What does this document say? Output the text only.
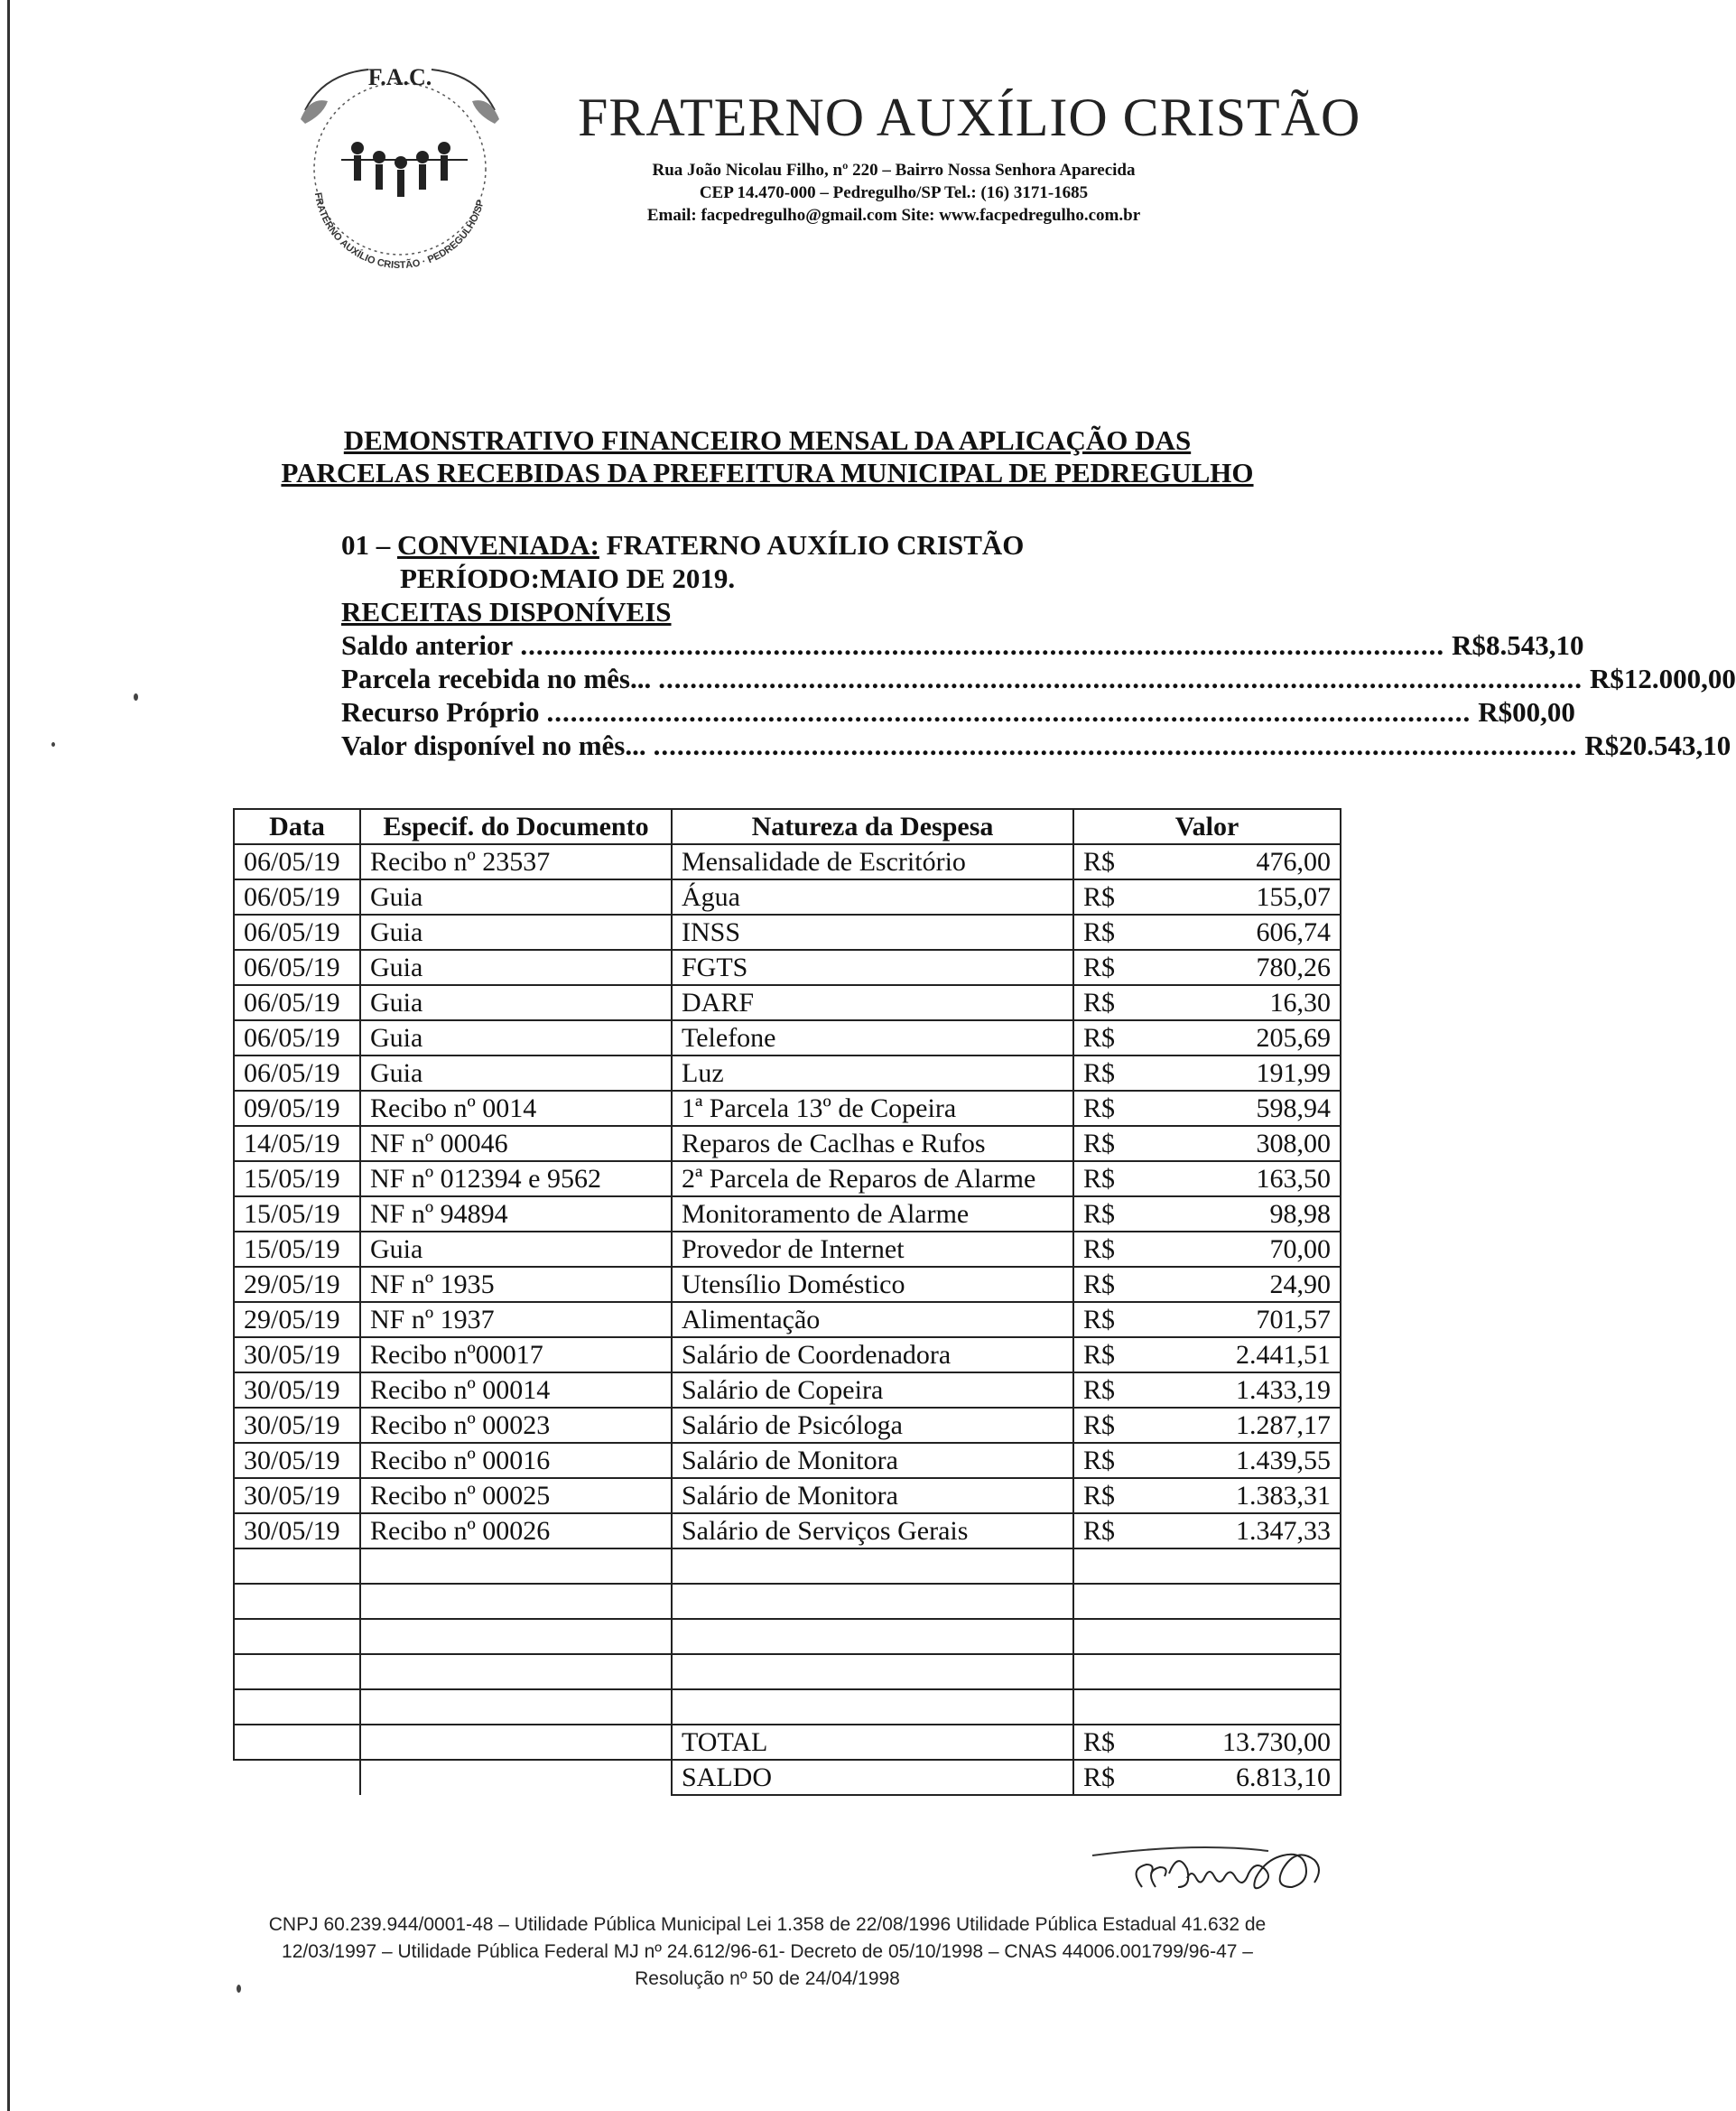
F.A.C.
FRATERNO AUXÍLIO CRISTÃO · PEDREGULHO/SP
FRATERNO AUXÍLIO CRISTÃO
Rua João Nicolau Filho, nº 220 – Bairro Nossa Senhora Aparecida
CEP 14.470-000 – Pedregulho/SP Tel.: (16) 3171-1685
Email: facpedregulho@gmail.com Site: www.facpedregulho.com.br
DEMONSTRATIVO FINANCEIRO MENSAL DA APLICAÇÃO DAS
PARCELAS RECEBIDAS DA PREFEITURA MUNICIPAL DE PEDREGULHO
01 – CONVENIADA: FRATERNO AUXÍLIO CRISTÃO
PERÍODO:MAIO DE 2019.
RECEITAS DISPONÍVEIS
Saldo anterior ..................................................................................................................... R$ 8.543,10
Parcela recebida no mês... ..................................................................................................................... R$ 12.000,00
Recurso Próprio ..................................................................................................................... R$ 00,00
Valor disponível no mês... ..................................................................................................................... R$ 20.543,10
Data	Especif. do Documento	Natureza da Despesa	Valor
06/05/19	Recibo nº 23537	Mensalidade de Escritório	R$ 476,00

06/05/19	Guia	Água	R$ 155,07

06/05/19	Guia	INSS	R$ 606,74

06/05/19	Guia	FGTS	R$ 780,26

06/05/19	Guia	DARF	R$ 16,30

06/05/19	Guia	Telefone	R$ 205,69

06/05/19	Guia	Luz	R$ 191,99

09/05/19	Recibo nº 0014	1ª Parcela 13º de Copeira	R$ 598,94

14/05/19	NF nº 00046	Reparos de Caclhas e Rufos	R$ 308,00

15/05/19	NF nº 012394 e 9562	2ª Parcela de Reparos de Alarme	R$ 163,50

15/05/19	NF nº 94894	Monitoramento de Alarme	R$ 98,98

15/05/19	Guia	Provedor de Internet	R$ 70,00

29/05/19	NF nº 1935	Utensílio Doméstico	R$ 24,90

29/05/19	NF nº 1937	Alimentação	R$ 701,57

30/05/19	Recibo nº00017	Salário de Coordenadora	R$ 2.441,51

30/05/19	Recibo nº 00014	Salário de Copeira	R$ 1.433,19

30/05/19	Recibo nº 00023	Salário de Psicóloga	R$ 1.287,17

30/05/19	Recibo nº 00016	Salário de Monitora	R$ 1.439,55

30/05/19	Recibo nº 00025	Salário de Monitora	R$ 1.383,31

30/05/19	Recibo nº 00026	Salário de Serviços Gerais	R$ 1.347,33

		TOTAL	R$ 13.730,00

		SALDO	R$ 6.813,10
CNPJ 60.239.944/0001-48 – Utilidade Pública Municipal Lei 1.358 de 22/08/1996 Utilidade Pública Estadual 41.632 de
12/03/1997 – Utilidade Pública Federal MJ nº 24.612/96-61- Decreto de 05/10/1998 – CNAS 44006.001799/96-47 –
Resolução nº 50 de 24/04/1998
